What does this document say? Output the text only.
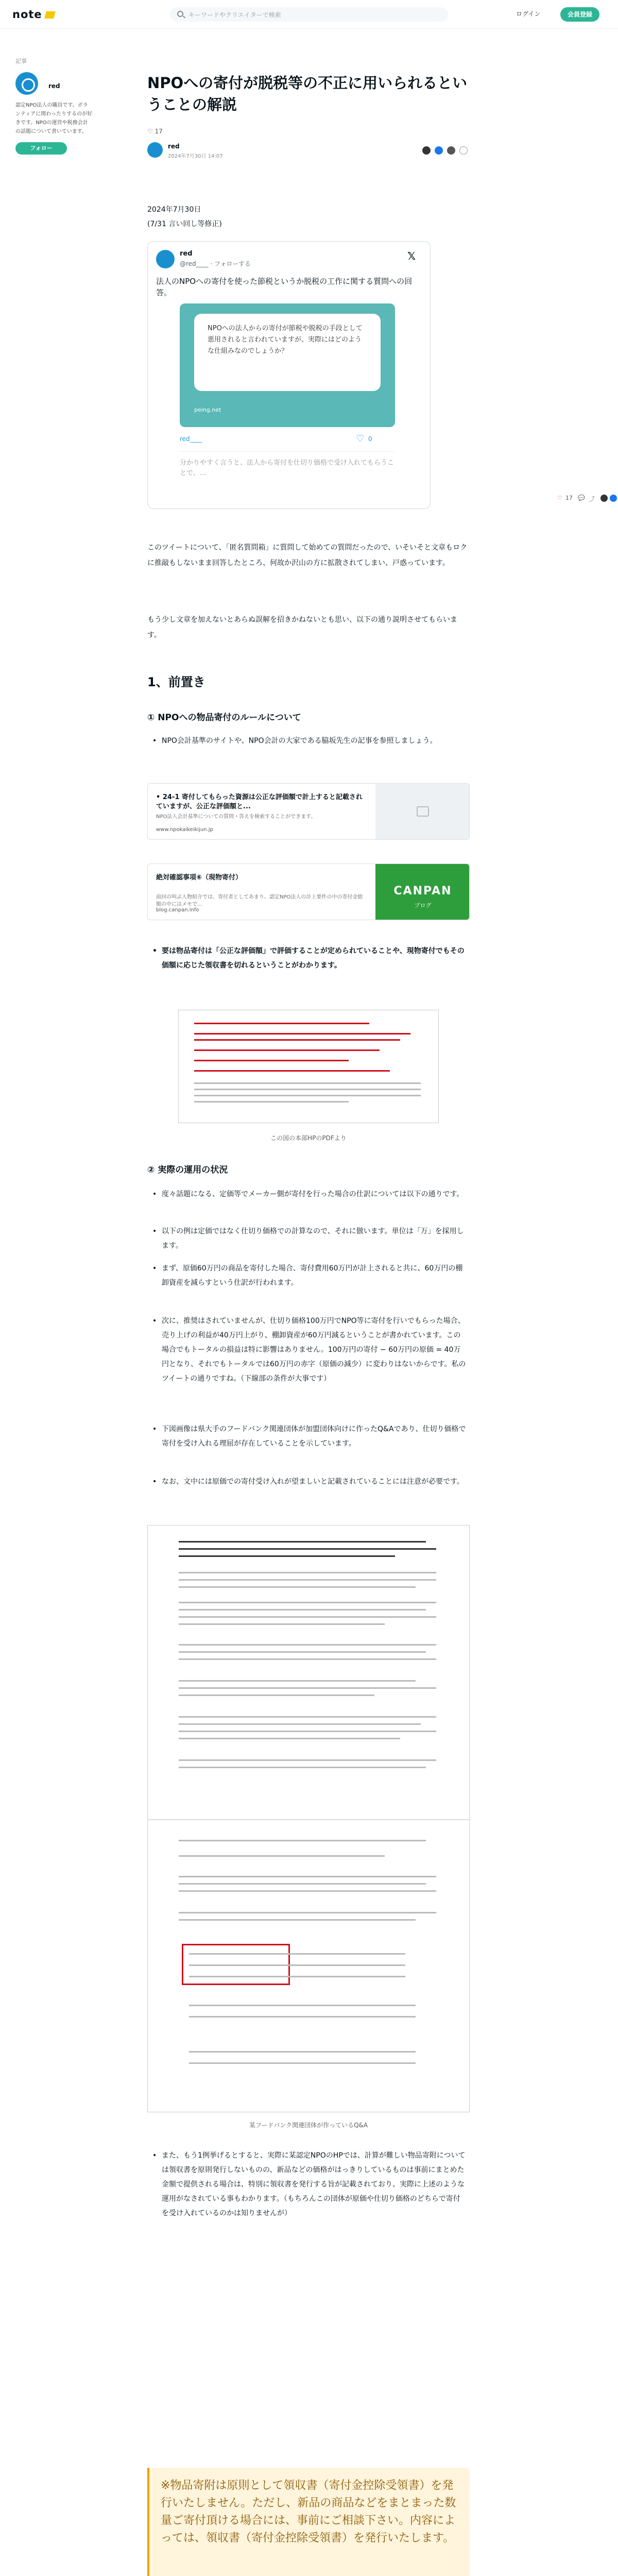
note	キーワードやクリエイターで検索	ログイン	会員登録
記事
red
認定NPO法人の職員です。ボランティアに関わったりするのが好きです。NPOの運営や税務会計の話題について書いています。
フォロー
♡ 17 💬 ⤴
NPOへの寄付が脱税等の不正に用いられるということの解説
♡ 17
red
2024年7月30日 14:07
2024年7月30日
(7/31 言い回し等修正)
red
@red____ · フォローする
𝕏
法人のNPOへの寄付を使った節税というか脱税の工作に関する質問への回答。
NPOへの法人からの寄付が節税や脱税の手段として悪用されると言われていますが、実際にはどのような仕組みなのでしょうか？
peing.net
red____	♡ 0
分かりやすく言うと、法人から寄付を仕切り価格で受け入れてもらうことで、…
このツイートについて、「匿名質問箱」に質問して始めての質問だったので、いそいそと文章もロクに推敲もしないまま回答したところ、何故か沢山の方に拡散されてしまい、戸惑っています。
もう少し文章を加えないとあらぬ誤解を招きかねないとも思い、以下の通り説明させてもらいます。
1、前置き
① NPOへの物品寄付のルールについて
• NPO会計基準のサイトや、NPO会計の大家である脇坂先生の記事を参照しましょう。
• 24-1 寄付してもらった資源は公正な評価額で計上すると記載されていますが、公正な評価額と...
NPO法人会計基準についての質問・答えを検索することができます。
www.npokaikeikijun.jp
絶対確認事項⑥（現物寄付）
前回の叫ぶ人物紹介では、寄付者としてあまり、認定NPO法人の計上要件の中の寄付金総額の中にはメモで…
blog.canpan.info
CANPAN
ブログ
• 要は物品寄付は「公正な評価額」で評価することが定められていることや、現物寄付でもその価額に応じた領収書を切れるということがわかります。
この図の本部HPのPDFより
② 実際の運用の状況
• 度々話題になる、定価等でメーカー側が寄付を行った場合の仕訳については以下の通りです。
• 以下の例は定価ではなく仕切り価格での計算なので、それに倣います。単位は「万」を採用します。
• まず、原価60万円の商品を寄付した場合、寄付費用60万円が計上されると共に、60万円の棚卸資産を減らすという仕訳が行われます。
• 次に、推奨はされていませんが、仕切り価格100万円でNPO等に寄付を行いでもらった場合、売り上げの利益が40万円上がり、棚卸資産が60万円減るということが書かれています。この場合でもトータルの損益は特に影響はありません。100万円の寄付 − 60万円の原価 = 40万円となり、それでもトータルでは60万円の赤字（原価の減少）に変わりはないからです。私のツイートの通りですね。（下線部の条件が大事です）
• 下図画像は県大手のフードバンク関連団体が加盟団体向けに作ったQ&Aであり、仕切り価格で寄付を受け入れる理屈が存在していることを示しています。
• なお、文中には原価での寄付受け入れが望ましいと記載されていることには注意が必要です。
某フードバンク関連団体が作っているQ&A
• また、もう1例挙げるとすると、実際に某認定NPOのHPでは、計算が難しい物品寄附については領収書を原則発行しないものの、新品などの価格がはっきりしているものは事前にまとめた金額で提供される場合は、特別に領収書を発行する旨が記載されており、実際に上述のような運用がなされている事もわかります。（もちろんこの団体が原価や仕切り価格のどちらで寄付を受け入れているのかは知りませんが）
※物品寄附は原則として領収書（寄付金控除受領書）を発行いたしません。ただし、新品の商品などをまとまった数量ご寄付頂ける場合には、事前にご相談下さい。内容によっては、領収書（寄付金控除受領書）を発行いたします。
